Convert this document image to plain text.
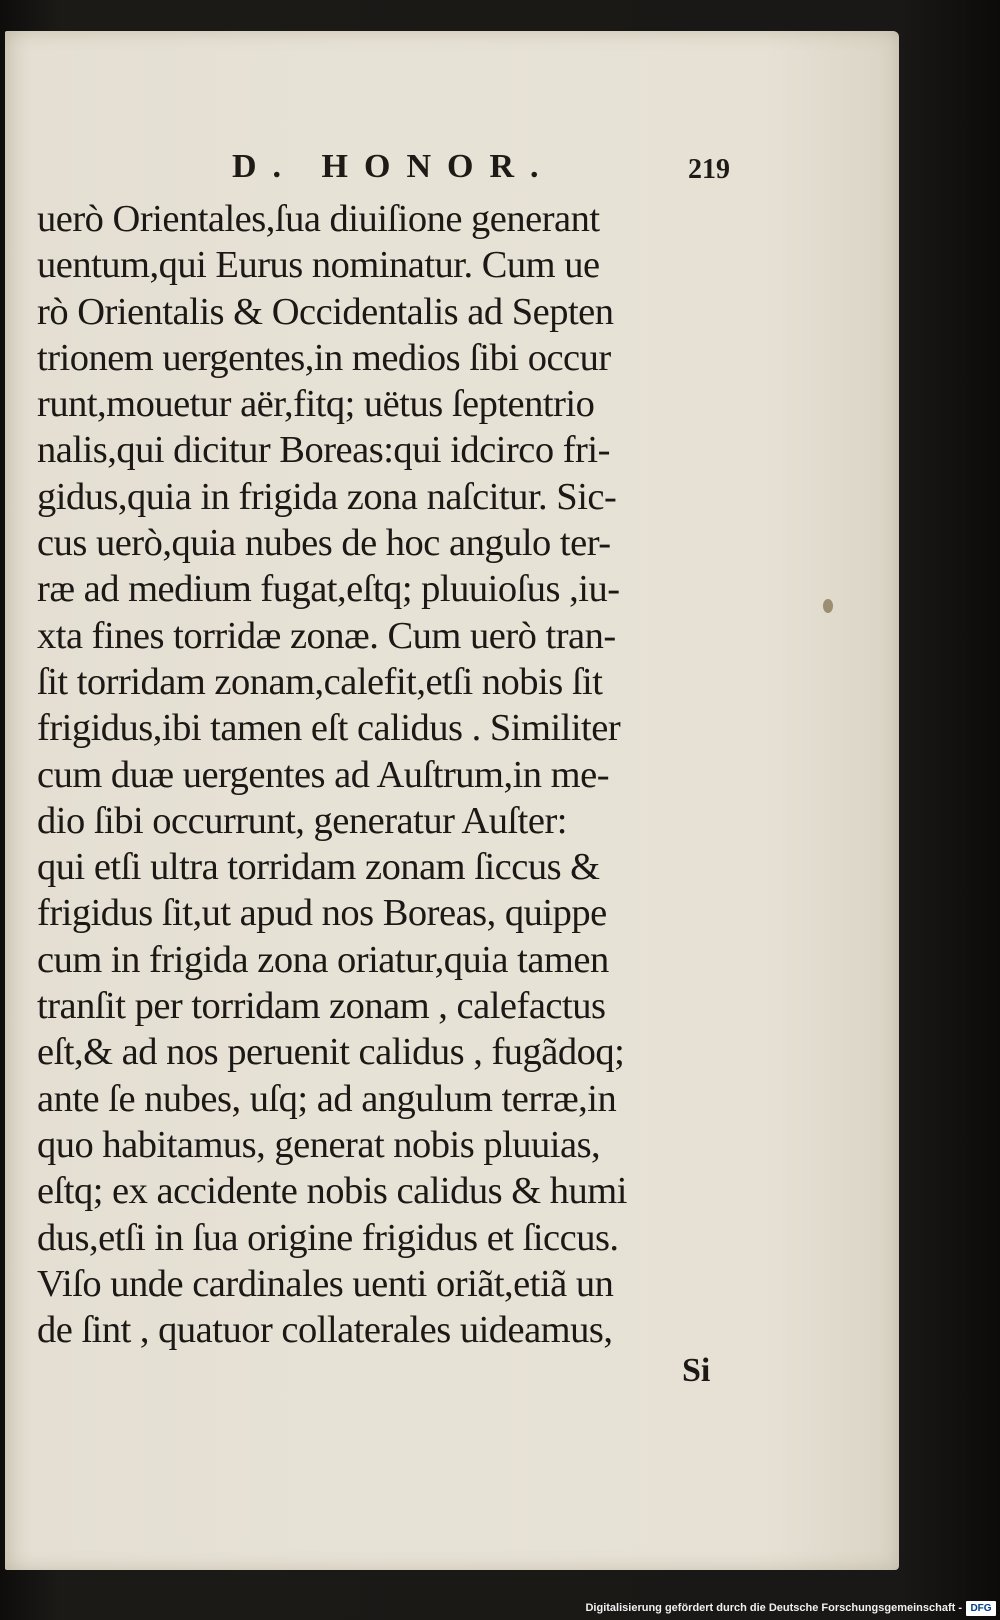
D. HONOR.	219
uerò Orientales,ſua diuiſione generant
uentum,qui Eurus nominatur. Cum ue
rò Orientalis & Occidentalis ad Septen
trionem uergentes,in medios ſibi occur
runt,mouetur aër,fitq; uëtus ſeptentrio
nalis,qui dicitur Boreas:qui idcirco fri-
gidus,quia in frigida zona naſcitur. Sic-
cus uerò,quia nubes de hoc angulo ter-
ræ ad medium fugat,eſtq; pluuioſus ,iu-
xta fines torridæ zonæ. Cum uerò tran-
ſit torridam zonam,calefit,etſi nobis ſit
frigidus,ibi tamen eſt calidus . Similiter
cum duæ uergentes ad Auſtrum,in me-
dio ſibi occurrunt, generatur Auſter:
qui etſi ultra torridam zonam ſiccus &
frigidus ſit,ut apud nos Boreas, quippe
cum in frigida zona oriatur,quia tamen
tranſit per torridam zonam , calefactus
eſt,& ad nos peruenit calidus , fugãdoq;
ante ſe nubes, uſq; ad angulum terræ,in
quo habitamus, generat nobis pluuias,
eſtq; ex accidente nobis calidus & humi
dus,etſi in ſua origine frigidus et ſiccus.
Viſo unde cardinales uenti oriãt,etiã un
de ſint , quatuor collaterales uideamus,
Si
Digitalisierung gefördert durch die Deutsche Forschungsgemeinschaft - DFG
